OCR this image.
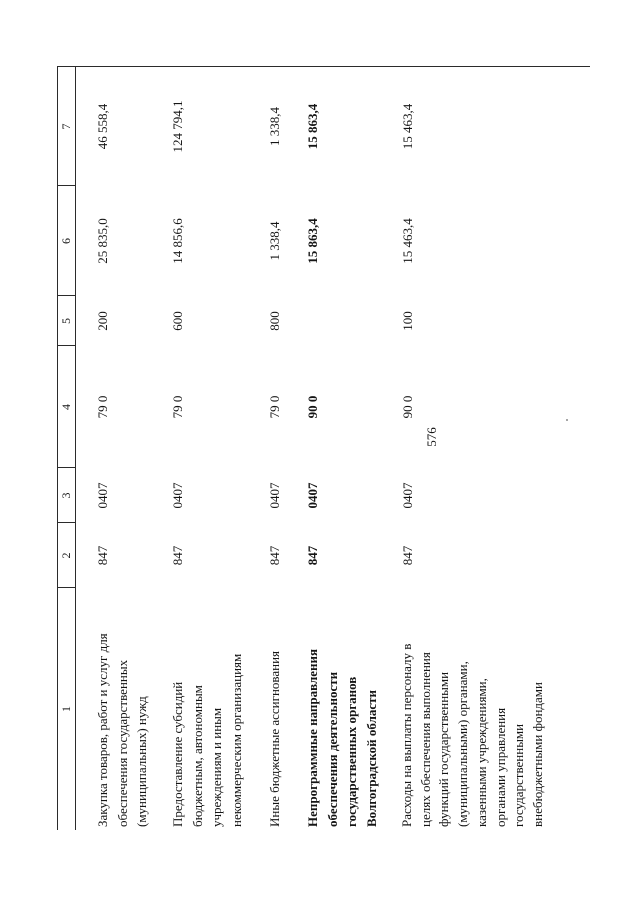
1
2
3
4
5
6
7
Закупка товаров, работ и услуг для обеспечения государственных (муниципальных) нужд
847
0407
79 0
200
25 835,0
46 558,4
Предоставление субсидий бюджетным, автономным учреждениям и иным некоммерческим организациям
847
0407
79 0
600
14 856,6
124 794,1
Иные бюджетные ассигнования
847
0407
79 0
800
1 338,4
1 338,4
Непрограммные направления обеспечения деятельности государственных органов Волгоградской области
847
0407
90 0
15 863,4
15 863,4
Расходы на выплаты персоналу в целях обеспечения выполнения функций государственными (муниципальными) органами, казенными учреждениями, органами управления государственными внебюджетными фондами
847
0407
90 0
100
15 463,4
15 463,4
576
